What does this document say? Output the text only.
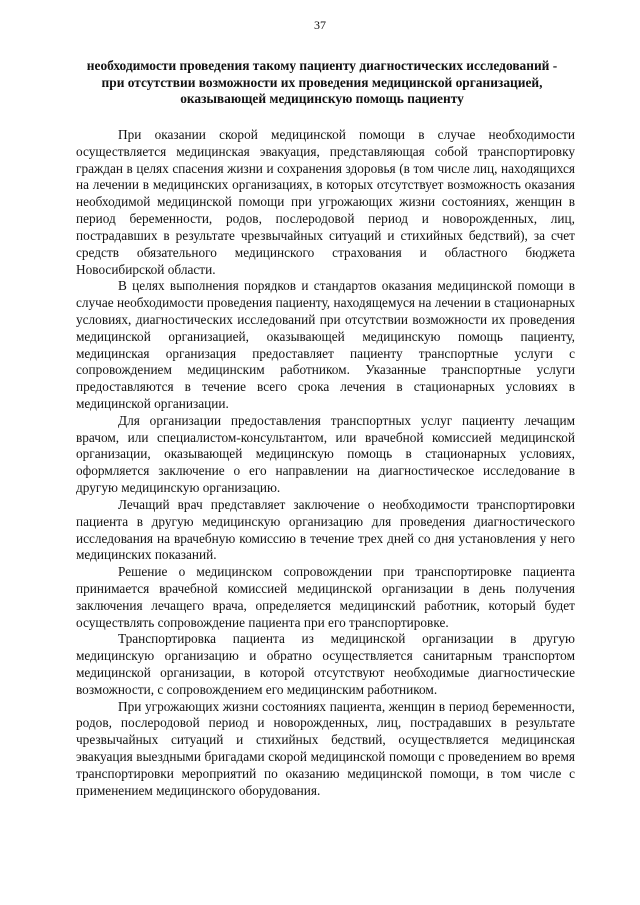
37
необходимости проведения такому пациенту диагностических исследований -
при отсутствии возможности их проведения медицинской организацией,
оказывающей медицинскую помощь пациенту

При оказании скорой медицинской помощи в случае необходимости осуществляется медицинская эвакуация, представляющая собой транспортировку граждан в целях спасения жизни и сохранения здоровья (в том числе лиц, находящихся на лечении в медицинских организациях, в которых отсутствует возможность оказания необходимой медицинской помощи при угрожающих жизни состояниях, женщин в период беременности, родов, послеродовой период и новорожденных, лиц, пострадавших в результате чрезвычайных ситуаций и стихийных бедствий), за счет средств обязательного медицинского страхования и областного бюджета Новосибирской области.

В целях выполнения порядков и стандартов оказания медицинской помощи в случае необходимости проведения пациенту, находящемуся на лечении в стационарных условиях, диагностических исследований при отсутствии возможности их проведения медицинской организацией, оказывающей медицинскую помощь пациенту, медицинская организация предоставляет пациенту транспортные услуги с сопровождением медицинским работником. Указанные транспортные услуги предоставляются в течение всего срока лечения в стационарных условиях в медицинской организации.

Для организации предоставления транспортных услуг пациенту лечащим врачом, или специалистом-консультантом, или врачебной комиссией медицинской организации, оказывающей медицинскую помощь в стационарных условиях, оформляется заключение о его направлении на диагностическое исследование в другую медицинскую организацию.

Лечащий врач представляет заключение о необходимости транспортировки пациента в другую медицинскую организацию для проведения диагностического исследования на врачебную комиссию в течение трех дней со дня установления у него медицинских показаний.

Решение о медицинском сопровождении при транспортировке пациента принимается врачебной комиссией медицинской организации в день получения заключения лечащего врача, определяется медицинский работник, который будет осуществлять сопровождение пациента при его транспортировке.

Транспортировка пациента из медицинской организации в другую медицинскую организацию и обратно осуществляется санитарным транспортом медицинской организации, в которой отсутствуют необходимые диагностические возможности, с сопровождением его медицинским работником.

При угрожающих жизни состояниях пациента, женщин в период беременности, родов, послеродовой период и новорожденных, лиц, пострадавших в результате чрезвычайных ситуаций и стихийных бедствий, осуществляется медицинская эвакуация выездными бригадами скорой медицинской помощи с проведением во время транспортировки мероприятий по оказанию медицинской помощи, в том числе с применением медицинского оборудования.
